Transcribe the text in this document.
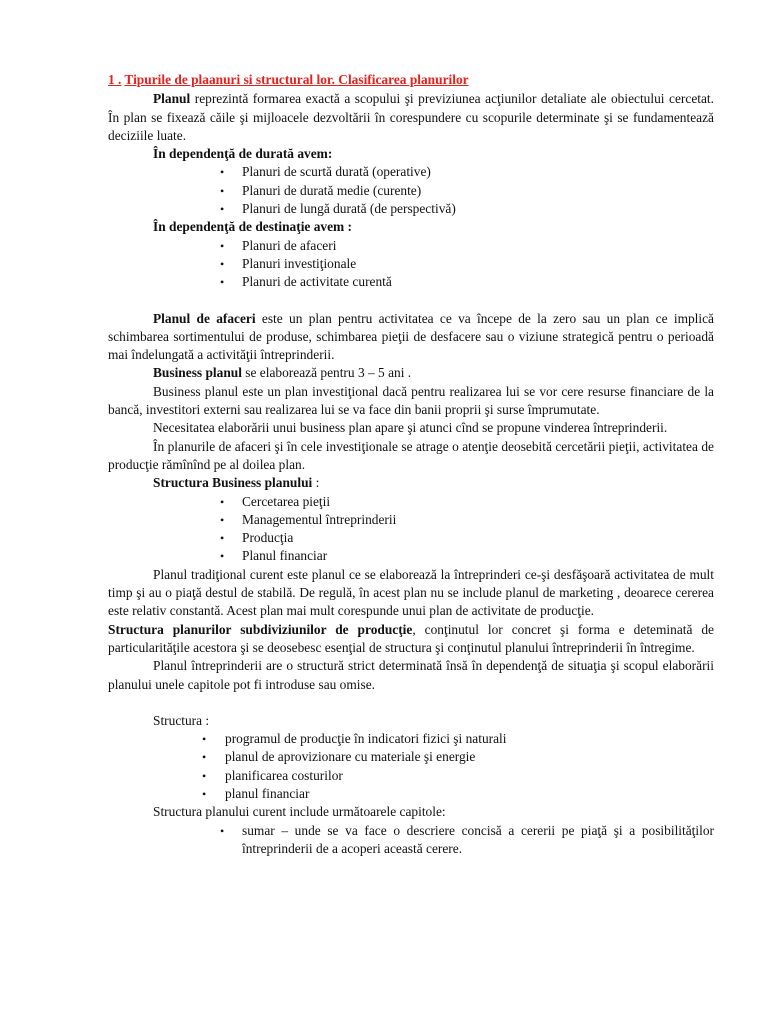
1 . Tipurile de plaanuri si structural lor. Clasificarea planurilor

Planul reprezintă formarea exactă a scopului şi previziunea acţiunilor detaliate ale obiectului cercetat. În plan se fixează căile şi mijloacele dezvoltării în corespundere cu scopurile determinate şi se fundamentează deciziile luate.

În dependenţă de durată avem:

• Planuri de scurtă durată (operative)
• Planuri de durată medie (curente)
• Planuri de lungă durată (de perspectivă)

În dependenţă de destinaţie avem :

• Planuri de afaceri
• Planuri investiţionale
• Planuri de activitate curentă

Planul de afaceri este un plan pentru activitatea ce va începe de la zero sau un plan ce implică schimbarea sortimentului de produse, schimbarea pieţii de desfacere sau o viziune strategică pentru o perioadă mai îndelungată a activităţii întreprinderii.

Business planul se elaborează pentru 3 – 5 ani .

Business planul este un plan investiţional dacă pentru realizarea lui se vor cere resurse financiare de la bancă, investitori externi sau realizarea lui se va face din banii proprii şi surse împrumutate.

Necesitatea elaborării unui business plan apare şi atunci cînd se propune vinderea întreprinderii.

În planurile de afaceri şi în cele investiţionale se atrage o atenţie deosebită cercetării pieţii, activitatea de producţie rămînînd pe al doilea plan.

Structura Business planului :

• Cercetarea pieţii
• Managementul întreprinderii
• Producţia
• Planul financiar

Planul tradiţional curent este planul ce se elaborează la întreprinderi ce-şi desfăşoară activitatea de mult timp şi au o piaţă destul de stabilă. De regulă, în acest plan nu se include planul de marketing , deoarece cererea este relativ constantă. Acest plan mai mult corespunde unui plan de activitate de producţie.

Structura planurilor subdiviziunilor de producţie, conţinutul lor concret şi forma e deteminată de particularităţile acestora şi se deosebesc esenţial de structura şi conţinutul planului întreprinderii în întregime.

Planul întreprinderii are o structură strict determinată însă în dependenţă de situaţia şi scopul elaborării planului unele capitole pot fi introduse sau omise.

Structura :

• programul de producţie în indicatori fizici şi naturali
• planul de aprovizionare cu materiale şi energie
• planificarea costurilor
• planul financiar

Structura planului curent include următoarele capitole:

• sumar – unde se va face o descriere concisă a cererii pe piaţă şi a posibilităţilor întreprinderii de a acoperi această cerere.
